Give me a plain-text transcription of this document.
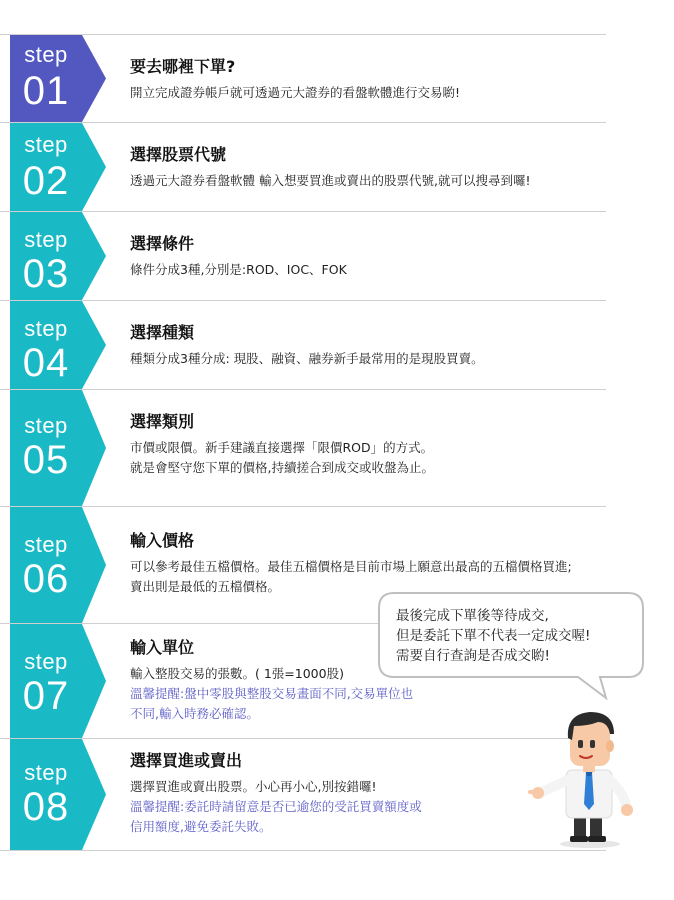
step
01
要去哪裡下單?
開立完成證券帳戶就可透過元大證券的看盤軟體進行交易喲!
step
02
選擇股票代號
透過元大證券看盤軟體 輸入想要買進或賣出的股票代號,就可以搜尋到囉!
step
03
選擇條件
條件分成3種,分別是:ROD、IOC、FOK
step
04
選擇種類
種類分成3種分成: 現股、融資、融券新手最常用的是現股買賣。
step
05
選擇類別
市價或限價。新手建議直接選擇「限價ROD」的方式。
就是會堅守您下單的價格,持續搓合到成交或收盤為止。
step
06
輸入價格
可以參考最佳五檔價格。最佳五檔價格是目前市場上願意出最高的五檔價格買進;
賣出則是最低的五檔價格。
step
07
輸入單位
輸入整股交易的張數。( 1張=1000股)
溫馨提醒:盤中零股與整股交易畫面不同,交易單位也
不同,輸入時務必確認。
step
08
選擇買進或賣出
選擇買進或賣出股票。小心再小心,別按錯囉!
溫馨提醒:委託時請留意是否已逾您的受託買賣額度或
信用額度,避免委託失敗。
最後完成下單後等待成交,
但是委託下單不代表一定成交喔!
需要自行查詢是否成交喲!
